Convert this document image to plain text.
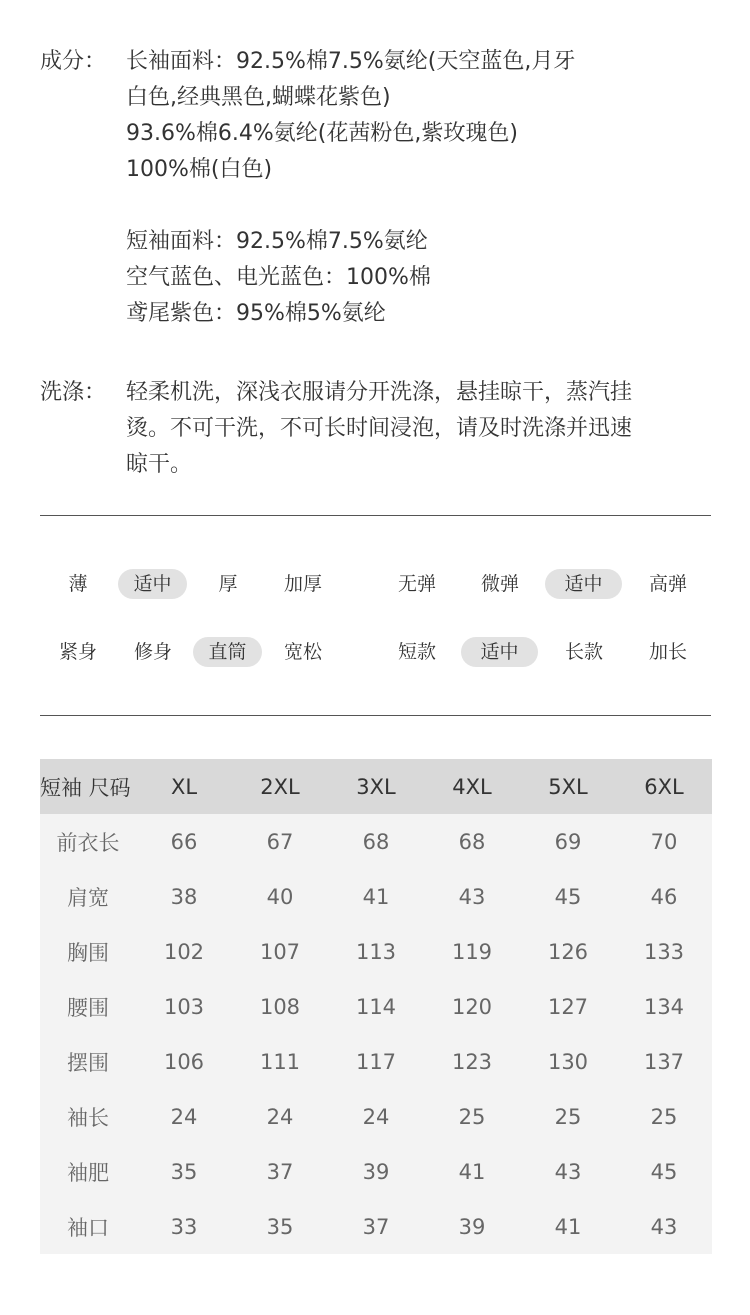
成分： 长袖面料：92.5%棉7.5%氨纶(天空蓝色,月牙
白色,经典黑色,蝴蝶花紫色)
93.6%棉6.4%氨纶(花茜粉色,紫玫瑰色)
100%棉(白色)
短袖面料：92.5%棉7.5%氨纶
空气蓝色、电光蓝色：100%棉
鸢尾紫色：95%棉5%氨纶
洗涤： 轻柔机洗，深浅衣服请分开洗涤，悬挂晾干，蒸汽挂
烫。不可干洗，不可长时间浸泡，请及时洗涤并迅速
晾干。
薄	适中	厚	加厚	无弹	微弹	适中	高弹
紧身	修身	直筒	宽松	短款	适中	长款	加长
短袖 尺码	XL	2XL	3XL	4XL	5XL	6XL
前衣长	66	67	68	68	69	70
肩宽	38	40	41	43	45	46
胸围	102	107	113	119	126	133
腰围	103	108	114	120	127	134
摆围	106	111	117	123	130	137
袖长	24	24	24	25	25	25
袖肥	35	37	39	41	43	45
袖口	33	35	37	39	41	43
